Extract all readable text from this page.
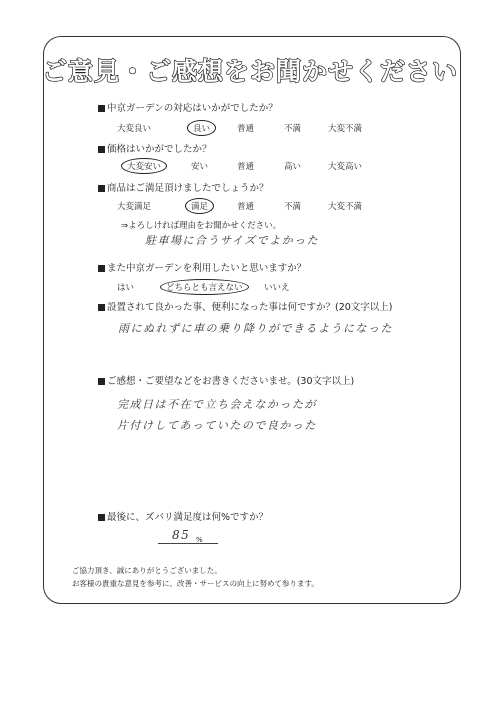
ご意見・ご感想をお聞かせください
中京ガーデンの対応はいかがでしたか？
大変良い	良い	普通	不満	大変不満
価格はいかがでしたか？
大変安い	安い	普通	高い	大変高い
商品はご満足頂けましたでしょうか？
大変満足	満足	普通	不満	大変不満
⇒よろしければ理由をお聞かせください。
駐車場に合うサイズでよかった
また中京ガーデンを利用したいと思いますか？
はい	どちらとも言えない	いいえ
設置されて良かった事、便利になった事は何ですか？(20文字以上)
雨にぬれずに車の乗り降りができるようになった
ご感想・ご要望などをお書きくださいませ。(30文字以上)
完成日は不在で立ち会えなかったが
片付けしてあっていたので良かった
最後に、ズバリ満足度は何%ですか？
85 %
ご協力頂き、誠にありがとうございました。
お客様の貴重な意見を参考に、改善・サービスの向上に努めて参ります。
